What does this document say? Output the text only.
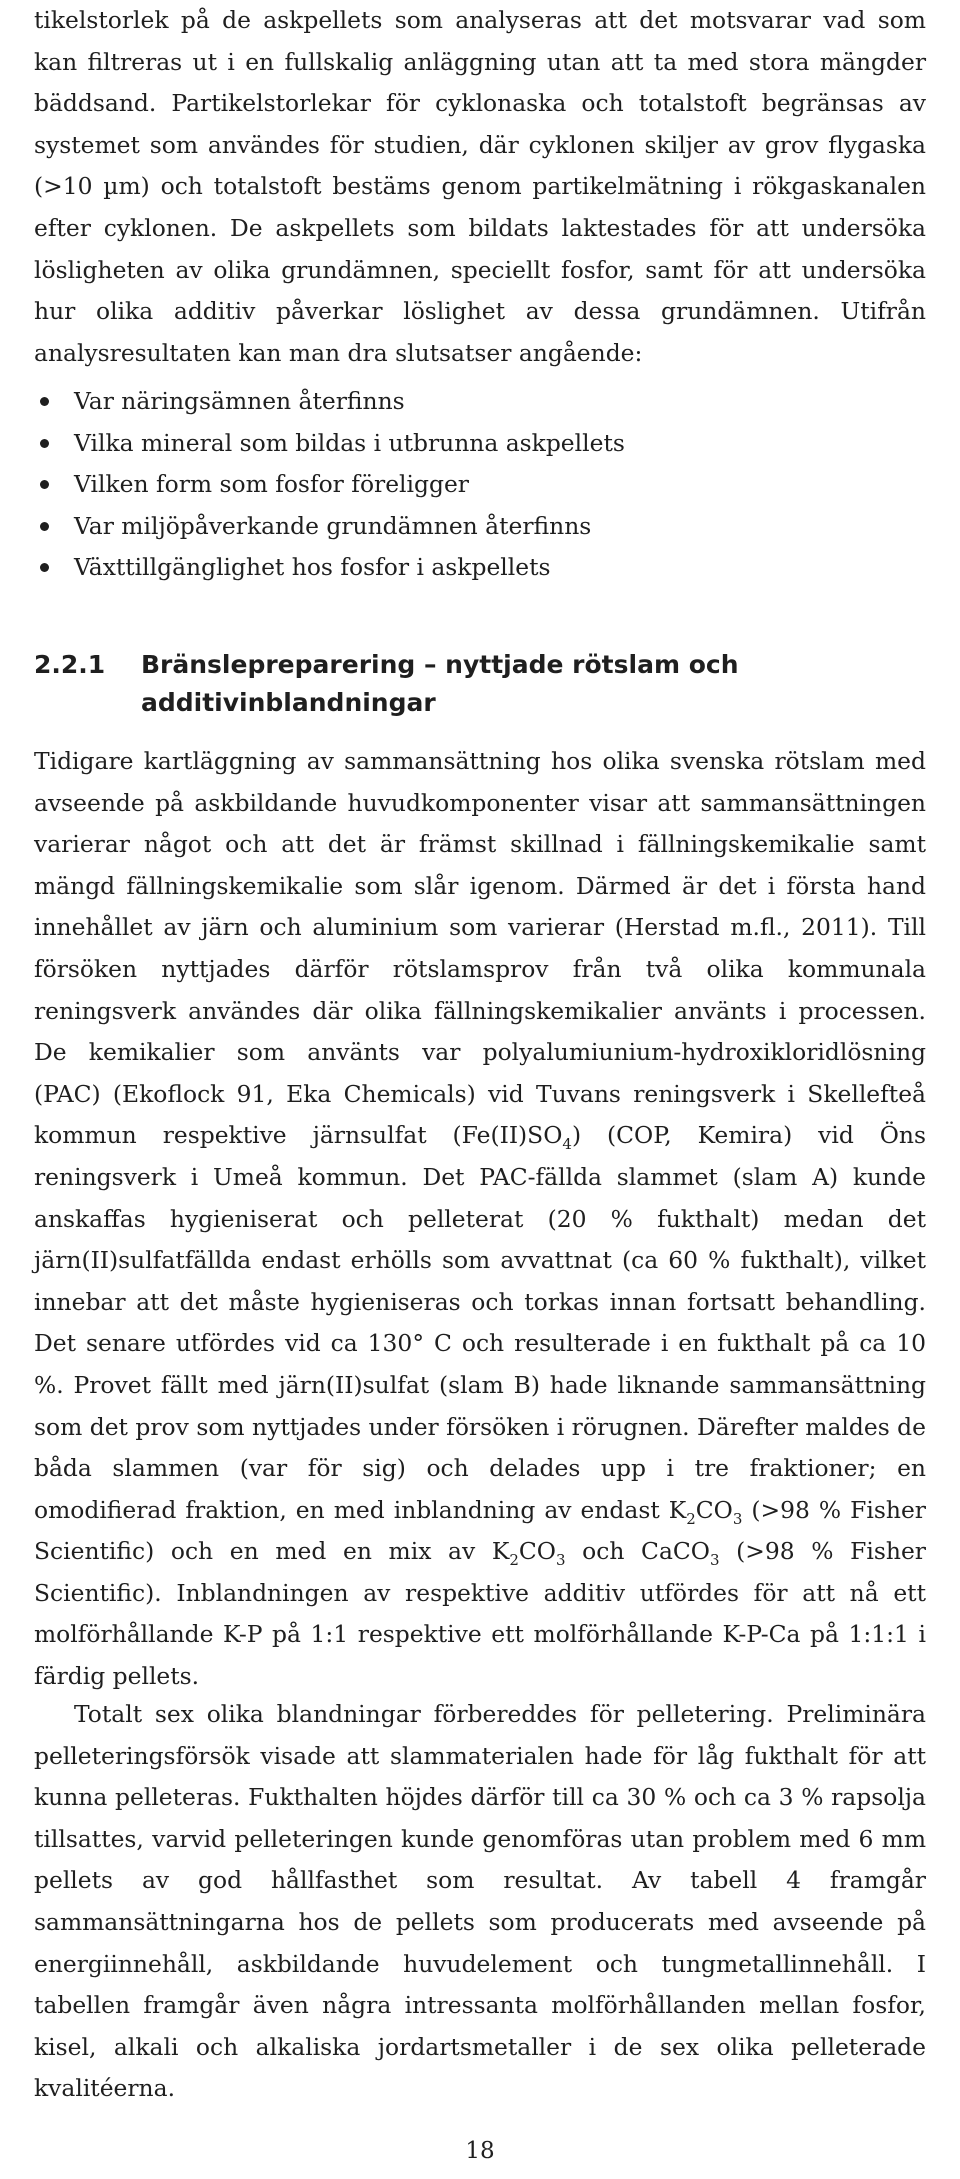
tikelstorlek på de askpellets som analyseras att det motsvarar vad som kan filtreras ut i en fullskalig anläggning utan att ta med stora mängder bäddsand. Partikelstorlekar för cyklonaska och totalstoft begränsas av systemet som användes för studien, där cyklonen skiljer av grov flygaska (>10 µm) och totalstoft bestäms genom partikelmätning i rökgaskanalen efter cyklonen. De askpellets som bildats laktestades för att undersöka lösligheten av olika grundämnen, speciellt fosfor, samt för att undersöka hur olika additiv påverkar löslighet av dessa grundämnen. Utifrån analysresultaten kan man dra slutsatser angående:

Var näringsämnen återfinns
Vilka mineral som bildas i utbrunna askpellets
Vilken form som fosfor föreligger
Var miljöpåverkande grundämnen återfinns
Växttillgänglighet hos fosfor i askpellets
2.2.1 Bränslepreparering – nyttjade rötslam och additivinblandningar

Tidigare kartläggning av sammansättning hos olika svenska rötslam med avseende på askbildande huvudkomponenter visar att sammansättningen varierar något och att det är främst skillnad i fällningskemikalie samt mängd fällningskemikalie som slår igenom. Därmed är det i första hand innehållet av järn och aluminium som varierar (Herstad m.fl., 2011). Till försöken nyttjades därför rötslamsprov från två olika kommunala reningsverk användes där olika fällningskemikalier använts i processen. De kemikalier som använts var polyalumiunium-hydroxikloridlösning (PAC) (Ekoflock 91, Eka Chemicals) vid Tuvans reningsverk i Skellefteå kommun respektive järnsulfat $(Fe(II)SO_4)$ (COP, Kemira) vid Öns reningsverk i Umeå kommun. Det PAC-fällda slammet (slam A) kunde anskaffas hygieniserat och pelleterat (20 % fukthalt) medan det järn(II)sulfatfällda endast erhölls som avvattnat (ca 60 % fukthalt), vilket innebar att det måste hygieniseras och torkas innan fortsatt behandling. Det senare utfördes vid ca 130° C och resulterade i en fukthalt på ca 10 %. Provet fällt med järn(II)sulfat (slam B) hade liknande sammansättning som det prov som nyttjades under försöken i rörugnen. Därefter maldes de båda slammen (var för sig) och delades upp i tre fraktioner; en omodifierad fraktion, en med inblandning av endast $K_2CO_3$ (>98 % Fisher Scientific) och en med en mix av $K_2CO_3$ och CaCO$_3$ (>98 % Fisher Scientific). Inblandningen av respektive additiv utfördes för att nå ett molförhållande K-P på 1:1 respektive ett molförhållande K-P-Ca på 1:1:1 i färdig pellets.

Totalt sex olika blandningar förbereddes för pelletering. Preliminära pelleteringsförsök visade att slammaterialen hade för låg fukthalt för att kunna pelleteras. Fukthalten höjdes därför till ca 30 % och ca 3 % rapsolja tillsattes, varvid pelleteringen kunde genomföras utan problem med 6 mm pellets av god hållfasthet som resultat. Av tabell 4 framgår sammansättningarna hos de pellets som producerats med avseende på energiinnehåll, askbildande huvudelement och tungmetallinnehåll. I tabellen framgår även några intressanta molförhållanden mellan fosfor, kisel, alkali och alkaliska jordartsmetaller i de sex olika pelleterade kvalitéerna.

18
